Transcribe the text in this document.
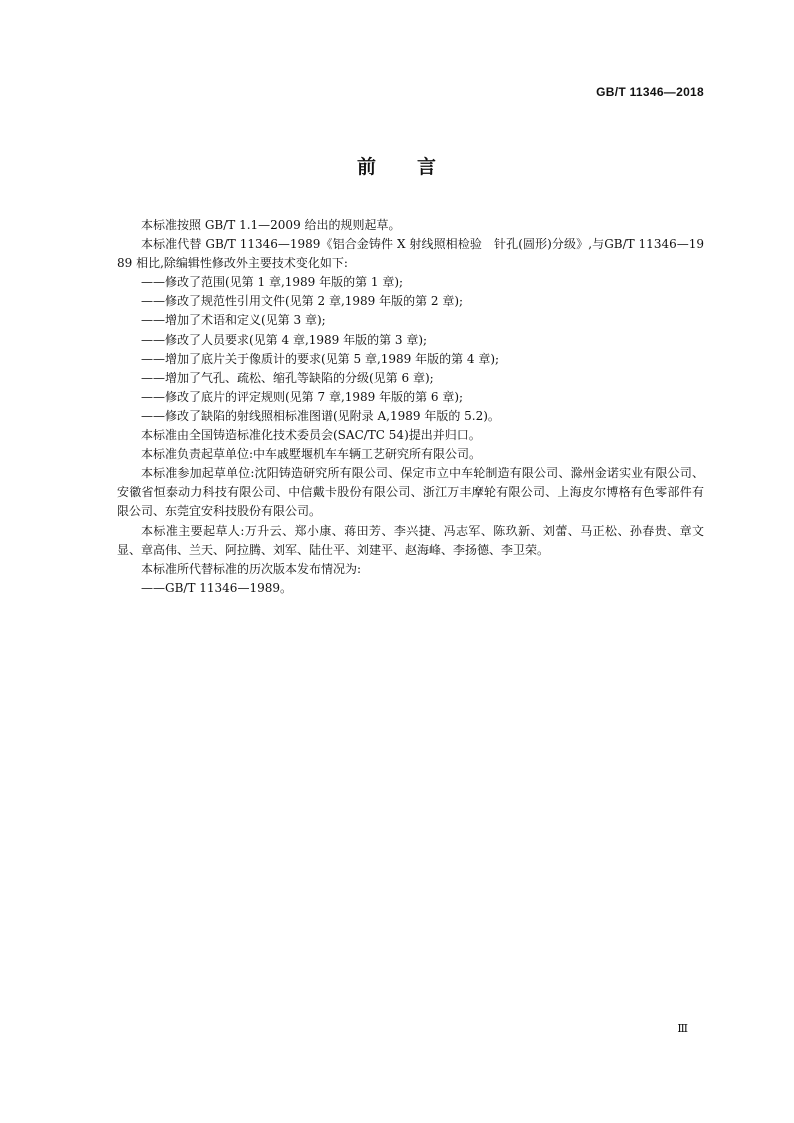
GB/T 11346—2018
前 言

本标准按照 GB/T 1.1—2009 给出的规则起草。

本标准代替 GB/T 11346—1989《铝合金铸件 X 射线照相检验　针孔(圆形)分级》,与GB/T 11346—1989 相比,除编辑性修改外主要技术变化如下:

——修改了范围(见第 1 章,1989 年版的第 1 章);

——修改了规范性引用文件(见第 2 章,1989 年版的第 2 章);

——增加了术语和定义(见第 3 章);

——修改了人员要求(见第 4 章,1989 年版的第 3 章);

——增加了底片关于像质计的要求(见第 5 章,1989 年版的第 4 章);

——增加了气孔、疏松、缩孔等缺陷的分级(见第 6 章);

——修改了底片的评定规则(见第 7 章,1989 年版的第 6 章);

——修改了缺陷的射线照相标准图谱(见附录 A,1989 年版的 5.2)。

本标准由全国铸造标准化技术委员会(SAC/TC 54)提出并归口。

本标准负责起草单位:中车戚墅堰机车车辆工艺研究所有限公司。

本标准参加起草单位:沈阳铸造研究所有限公司、保定市立中车轮制造有限公司、滁州金诺实业有限公司、安徽省恒泰动力科技有限公司、中信戴卡股份有限公司、浙江万丰摩轮有限公司、上海皮尔博格有色零部件有限公司、东莞宜安科技股份有限公司。

本标准主要起草人:万升云、郑小康、蒋田芳、李兴捷、冯志军、陈玖新、刘蕾、马正松、孙春贵、章文显、章高伟、兰天、阿拉腾、刘军、陆仕平、刘建平、赵海峰、李扬德、李卫荣。

本标准所代替标准的历次版本发布情况为:

——GB/T 11346—1989。

Ⅲ
